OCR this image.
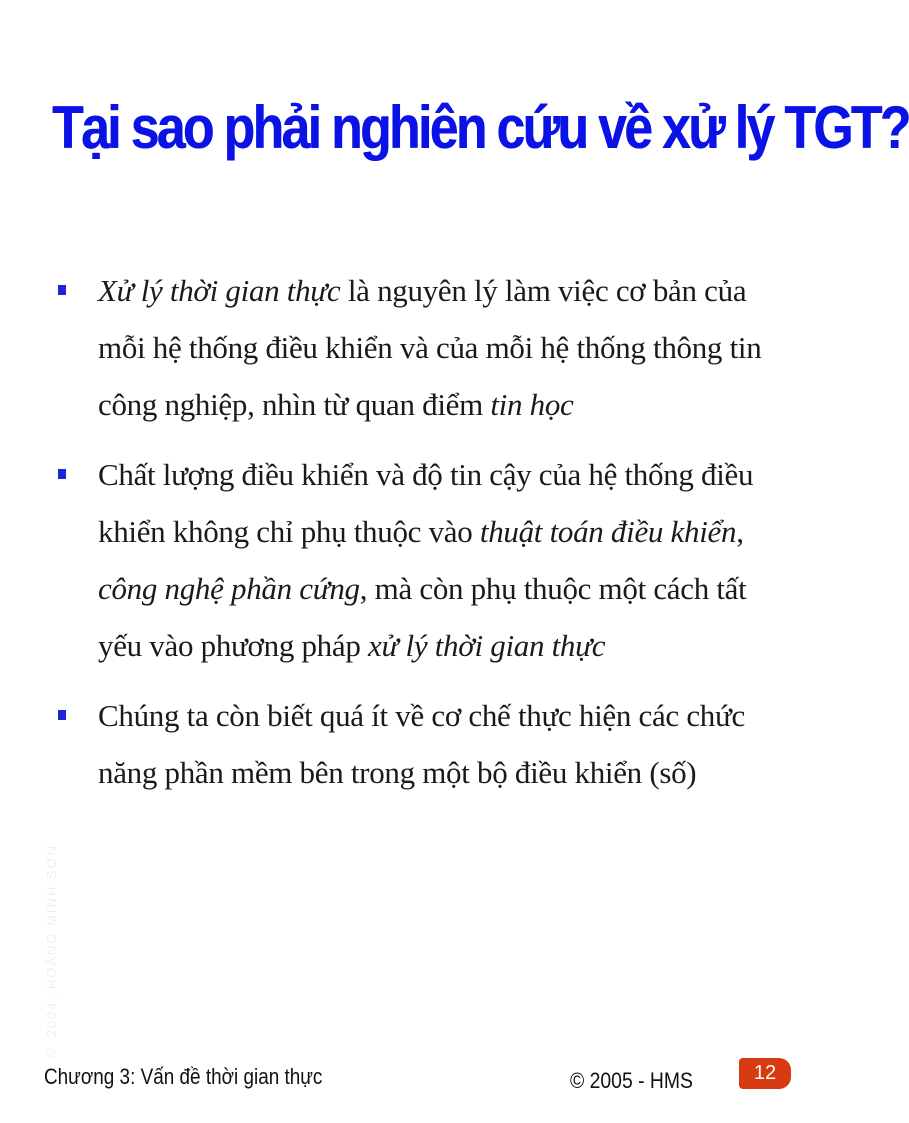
Tại sao phải nghiên cứu về xử lý TGT?
Xử lý thời gian thực là nguyên lý làm việc cơ bản của mỗi hệ thống điều khiển và của mỗi hệ thống thông tin công nghiệp, nhìn từ quan điểm tin học
Chất lượng điều khiển và độ tin cậy của hệ thống điều khiển không chỉ phụ thuộc vào thuật toán điều khiển, công nghệ phần cứng, mà còn phụ thuộc một cách tất yếu vào phương pháp xử lý thời gian thực
Chúng ta còn biết quá ít về cơ chế thực hiện các chức năng phần mềm bên trong một bộ điều khiển (số)
© 2004, HOÀNG MINH SƠN
Chương 3: Vấn đề thời gian thực	© 2005 - HMS	12
